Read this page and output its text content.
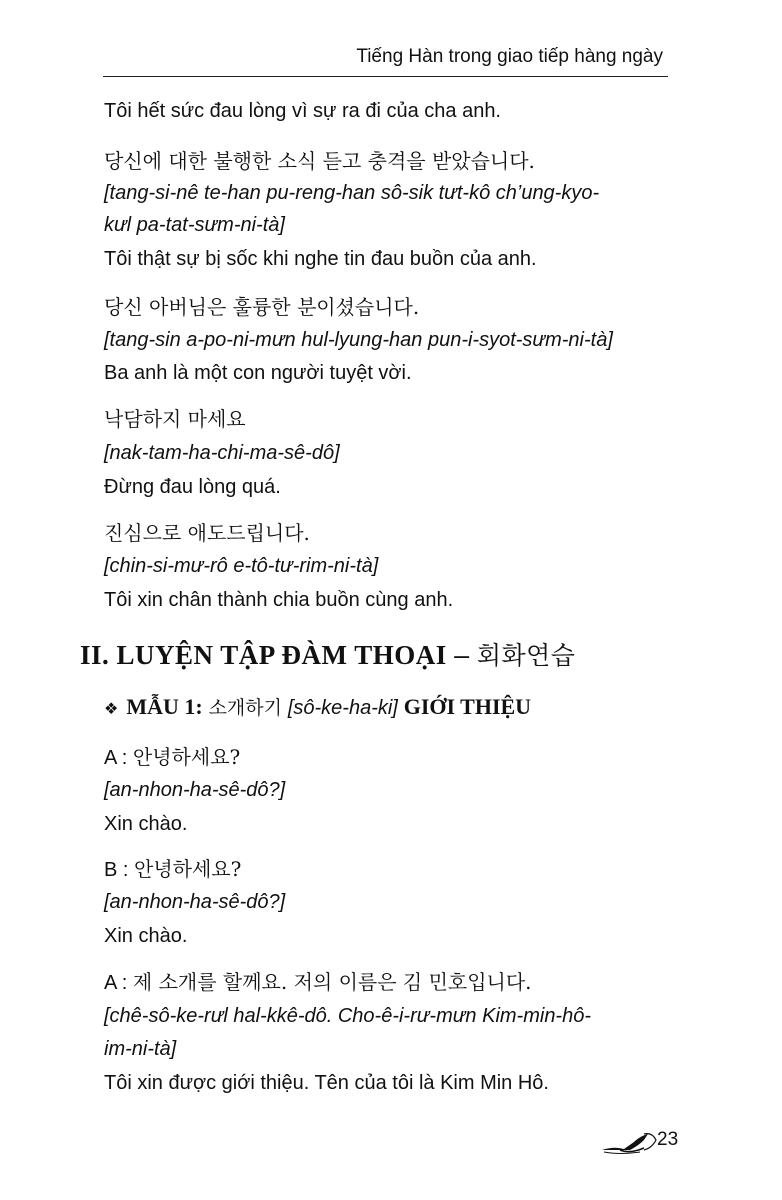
Tiếng Hàn trong giao tiếp hàng ngày
Tôi hết sức đau lòng vì sự ra đi của cha anh.
당신에 대한 불행한 소식 듣고 충격을 받았습니다.
[tang-si-nê te-han pu-reng-han sô-sik tưt-kô ch’ung-kyo-
kưl pa-tat-sưm-ni-tà]
Tôi thật sự bị sốc khi nghe tin đau buồn của anh.
당신 아버님은 훌륭한 분이셨습니다.
[tang-sin a-po-ni-mưn hul-lyung-han pun-i-syot-sưm-ni-tà]
Ba anh là một con người tuyệt vời.
낙담하지 마세요
[nak-tam-ha-chi-ma-sê-dô]
Đừng đau lòng quá.
진심으로 애도드립니다.
[chin-si-mư-rô e-tô-tư-rim-ni-tà]
Tôi xin chân thành chia buồn cùng anh.
II. LUYỆN TẬP ĐÀM THOẠI – 회화연습
❖ MẪU 1: 소개하기 [sô-ke-ha-ki] GIỚI THIỆU
A : 안녕하세요?
[an-nhon-ha-sê-dô?]
Xin chào.
B : 안녕하세요?
[an-nhon-ha-sê-dô?]
Xin chào.
A : 제 소개를 할께요. 저의 이름은 김 민호입니다.
[chê-sô-ke-rưl hal-kkê-dô. Cho-ê-i-rư-mưn Kim-min-hô-
im-ni-tà]
Tôi xin được giới thiệu. Tên của tôi là Kim Min Hô.
23
